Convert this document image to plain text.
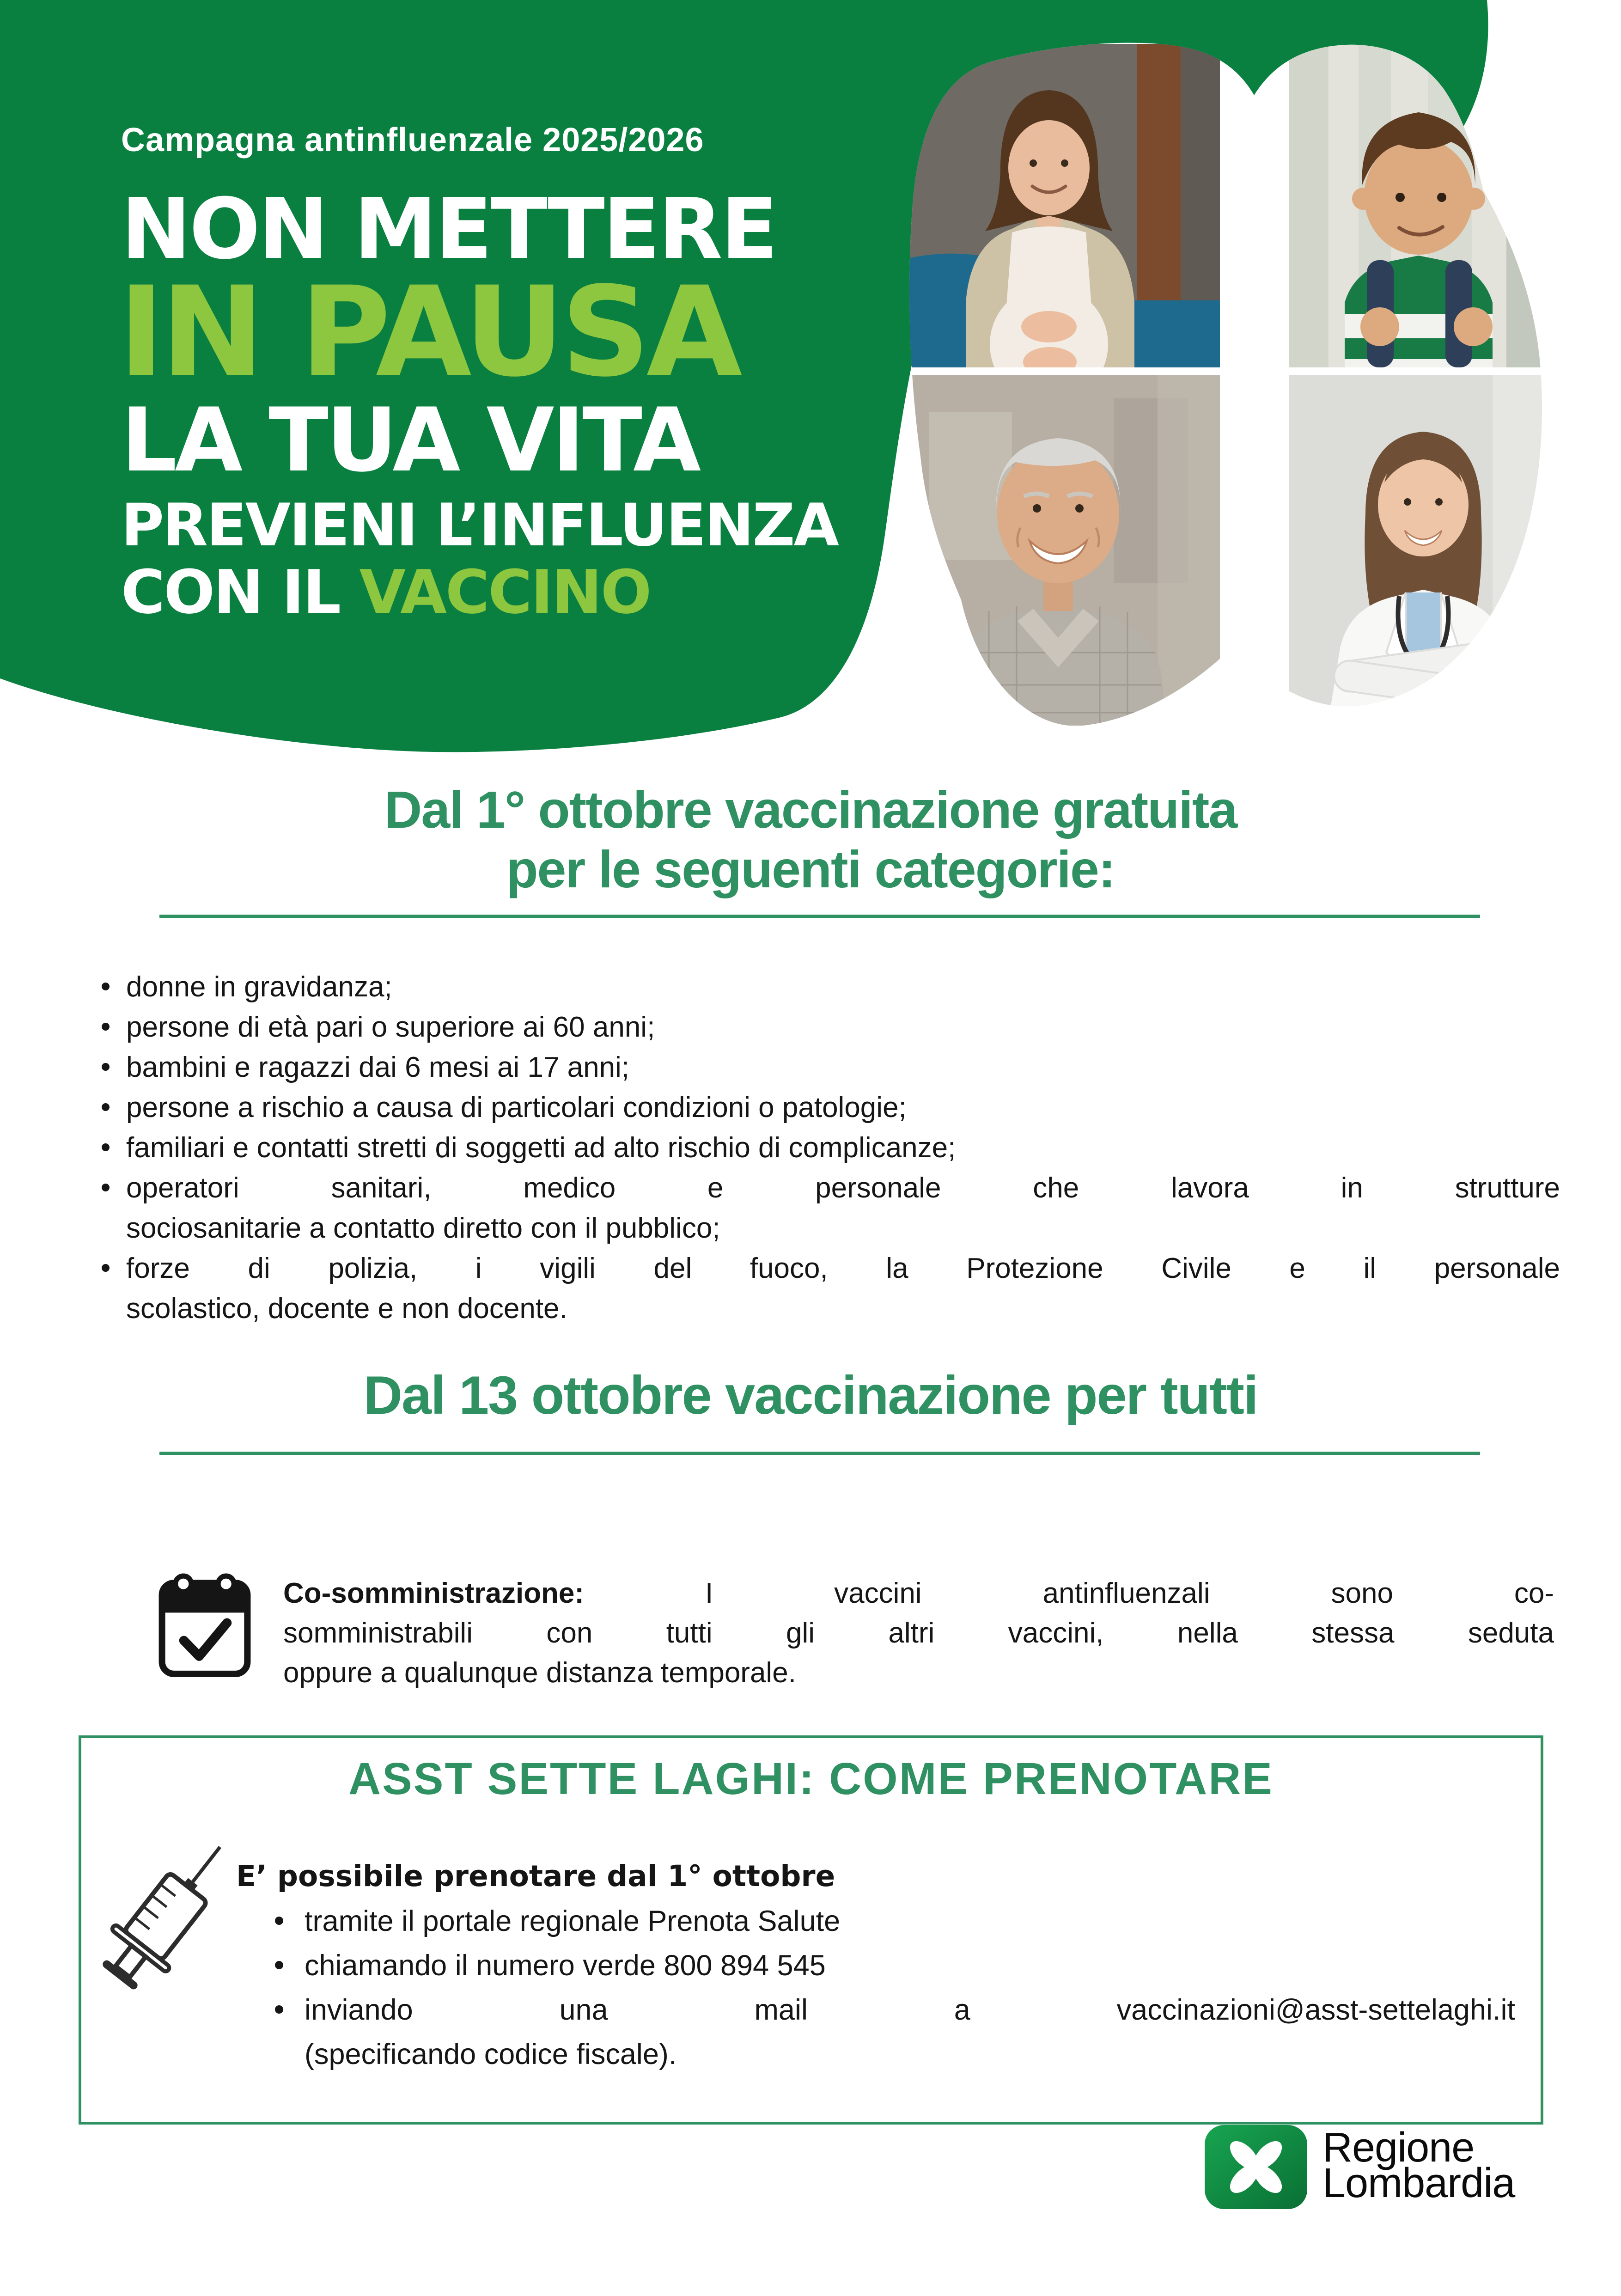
Campagna antinfluenzale 2025/2026
NON METTERE
IN PAUSA
LA TUA VITA
PREVIENI L’INFLUENZA
CON IL VACCINO
Dal 1° ottobre vaccinazione gratuita
per le seguenti categorie:
donne in gravidanza;
persone di età pari o superiore ai 60 anni;
bambini e ragazzi dai 6 mesi ai 17 anni;
persone a rischio a causa di particolari condizioni o patologie;
familiari e contatti stretti di soggetti ad alto rischio di complicanze;
operatori sanitari, medico e personale che lavora in strutture
sociosanitarie a contatto diretto con il pubblico;
forze di polizia, i vigili del fuoco, la Protezione Civile e il personale
scolastico, docente e non docente.
Dal 13 ottobre vaccinazione per tutti
Co-somministrazione:	I vaccini antinfluenzali sono co-
somministrabili con tutti gli altri vaccini, nella stessa seduta
oppure a qualunque distanza temporale.
ASST SETTE LAGHI: COME PRENOTARE
E’ possibile prenotare dal 1° ottobre
tramite il portale regionale Prenota Salute
chiamando il numero verde 800 894 545
inviando una mail a vaccinazioni@asst-settelaghi.it
(specificando codice fiscale).
Regione
Lombardia
